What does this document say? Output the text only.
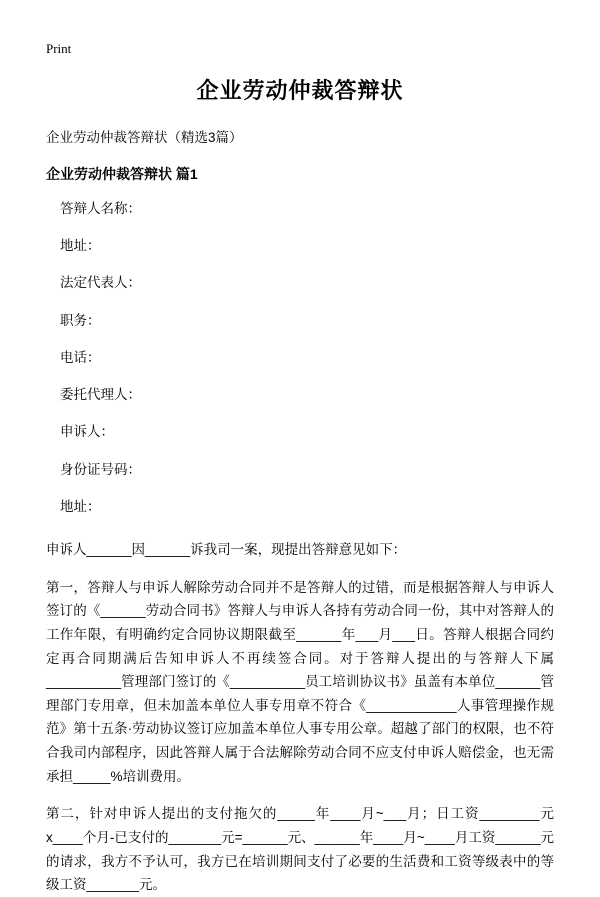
Print
企业劳动仲裁答辩状

企业劳动仲裁答辩状（精选3篇）

企业劳动仲裁答辩状 篇1

答辩人名称：

地址：

法定代表人：

职务：

电话：

委托代理人：

申诉人：

身份证号码：

地址：

申诉人______因______诉我司一案，现提出答辩意见如下：

第一，答辩人与申诉人解除劳动合同并不是答辩人的过错，而是根据答辩人与申诉人签订的《______劳动合同书》答辩人与申诉人各持有劳动合同一份，其中对答辩人的工作年限，有明确约定合同协议期限截至______年___月___日。答辩人根据合同约定再合同期满后告知申诉人不再续签合同。对于答辩人提出的与答辩人下属__________管理部门签订的《__________员工培训协议书》虽盖有本单位______管理部门专用章，但未加盖本单位人事专用章不符合《____________人事管理操作规范》第十五条·劳动协议签订应加盖本单位人事专用公章。超越了部门的权限，也不符合我司内部程序，因此答辩人属于合法解除劳动合同不应支付申诉人赔偿金，也无需承担_____%培训费用。

第二，针对申诉人提出的支付拖欠的_____年____月~___月；日工资________元x____个月-已支付的_______元=______元、______年____月~____月工资______元的请求，我方不予认可，我方已在培训期间支付了必要的生活费和工资等级表中的等级工资_______元。
